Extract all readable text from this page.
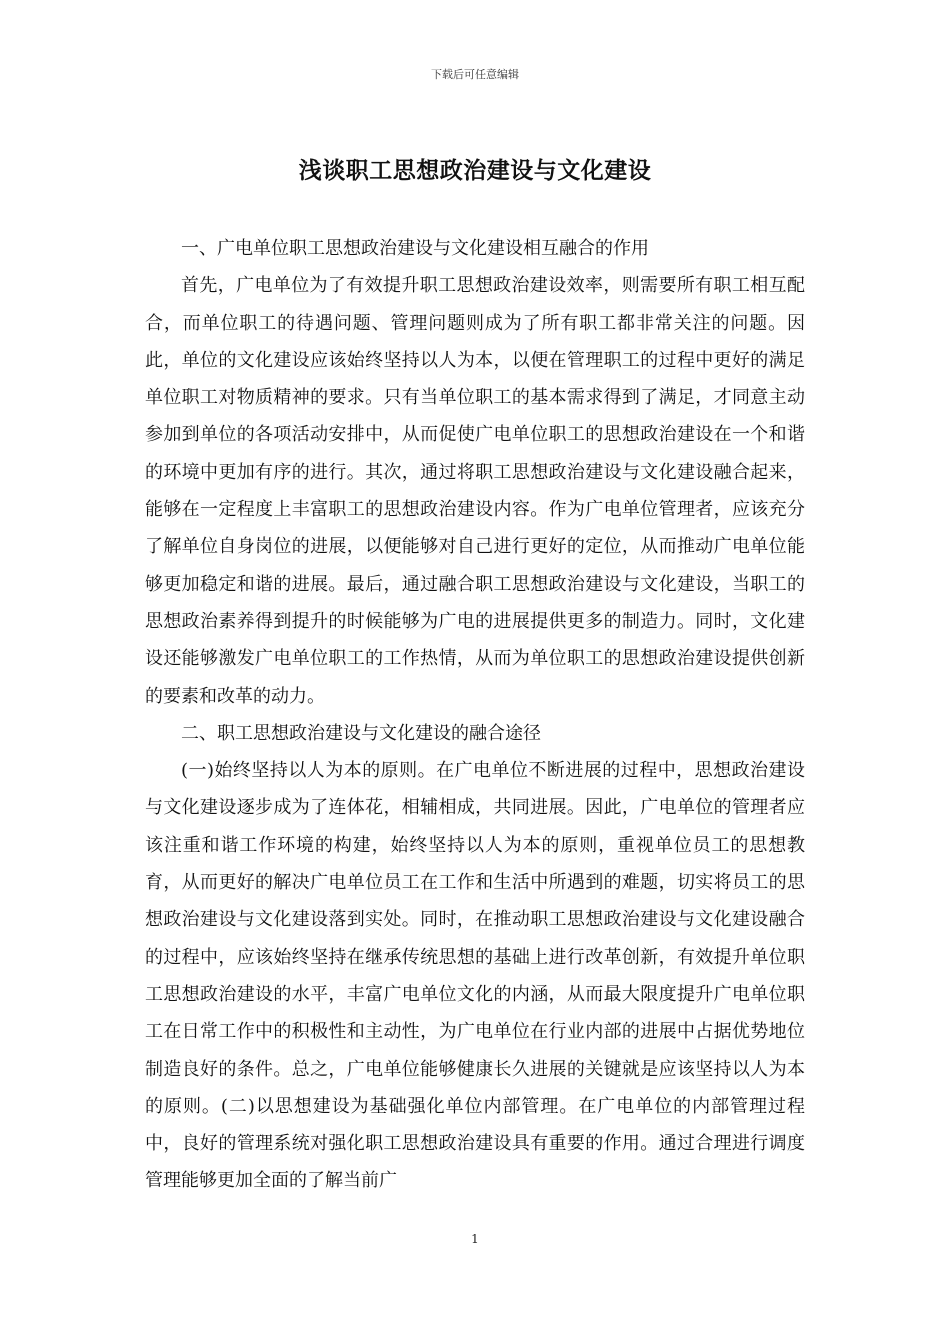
下载后可任意编辑
浅谈职工思想政治建设与文化建设

一、广电单位职工思想政治建设与文化建设相互融合的作用

首先，广电单位为了有效提升职工思想政治建设效率，则需要所有职工相互配合，而单位职工的待遇问题、管理问题则成为了所有职工都非常关注的问题。因此，单位的文化建设应该始终坚持以人为本，以便在管理职工的过程中更好的满足单位职工对物质精神的要求。只有当单位职工的基本需求得到了满足，才同意主动参加到单位的各项活动安排中，从而促使广电单位职工的思想政治建设在一个和谐的环境中更加有序的进行。其次，通过将职工思想政治建设与文化建设融合起来，能够在一定程度上丰富职工的思想政治建设内容。作为广电单位管理者，应该充分了解单位自身岗位的进展，以便能够对自己进行更好的定位，从而推动广电单位能够更加稳定和谐的进展。最后，通过融合职工思想政治建设与文化建设，当职工的思想政治素养得到提升的时候能够为广电的进展提供更多的制造力。同时，文化建设还能够激发广电单位职工的工作热情，从而为单位职工的思想政治建设提供创新的要素和改革的动力。

二、职工思想政治建设与文化建设的融合途径

(一)始终坚持以人为本的原则。在广电单位不断进展的过程中，思想政治建设与文化建设逐步成为了连体花，相辅相成，共同进展。因此，广电单位的管理者应该注重和谐工作环境的构建，始终坚持以人为本的原则，重视单位员工的思想教育，从而更好的解决广电单位员工在工作和生活中所遇到的难题，切实将员工的思想政治建设与文化建设落到实处。同时，在推动职工思想政治建设与文化建设融合的过程中，应该始终坚持在继承传统思想的基础上进行改革创新，有效提升单位职工思想政治建设的水平，丰富广电单位文化的内涵，从而最大限度提升广电单位职工在日常工作中的积极性和主动性，为广电单位在行业内部的进展中占据优势地位制造良好的条件。总之，广电单位能够健康长久进展的关键就是应该坚持以人为本的原则。(二)以思想建设为基础强化单位内部管理。在广电单位的内部管理过程中，良好的管理系统对强化职工思想政治建设具有重要的作用。通过合理进行调度管理能够更加全面的了解当前广

1
